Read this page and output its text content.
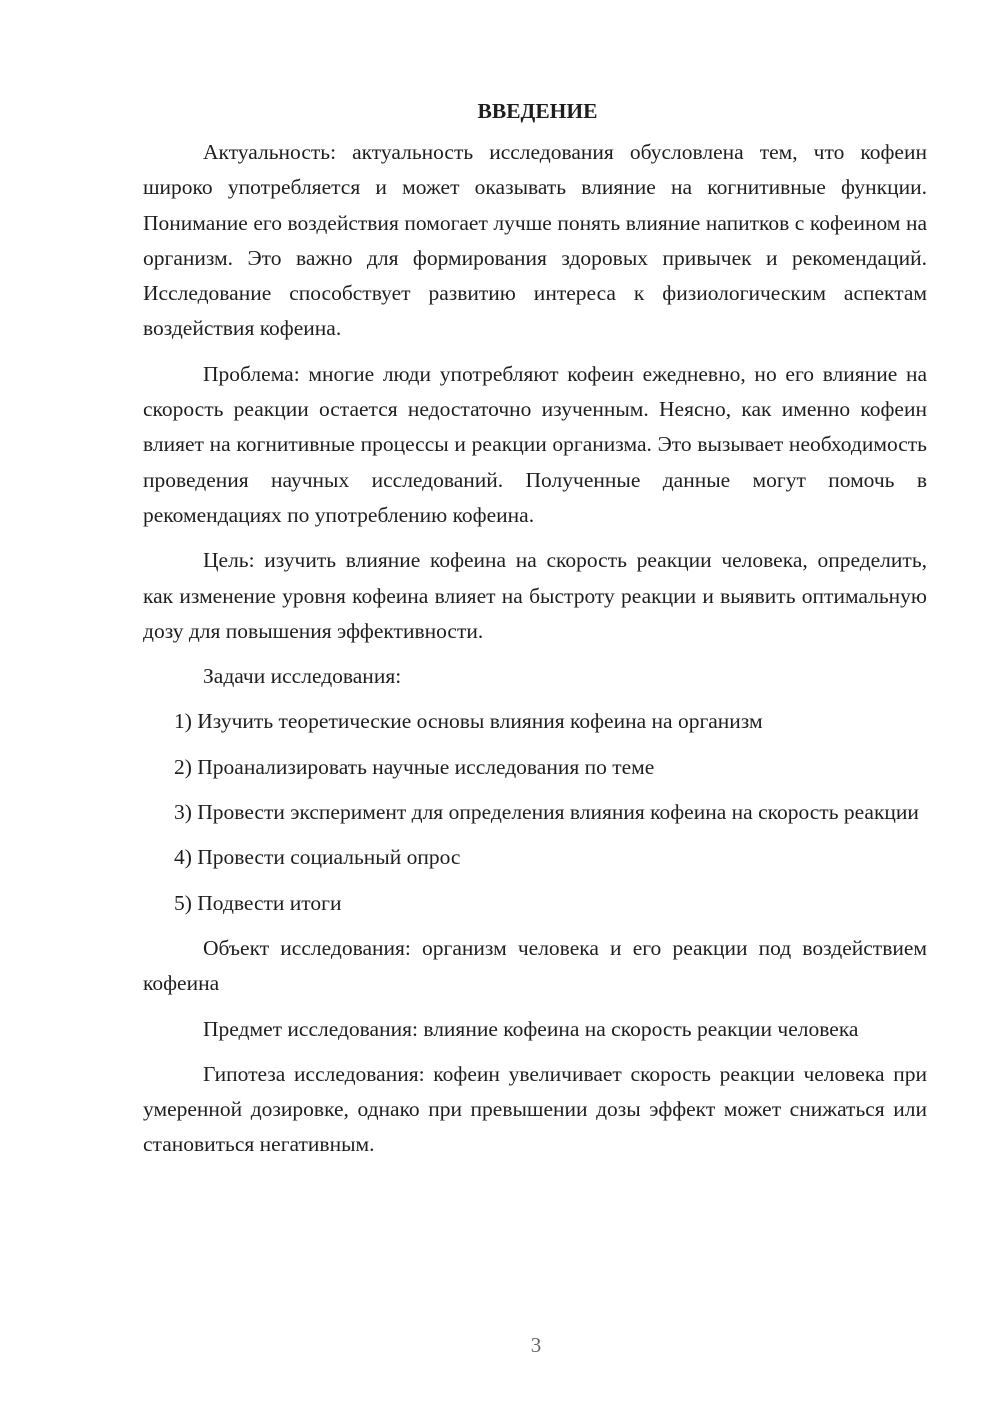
ВВЕДЕНИЕ

Актуальность: актуальность исследования обусловлена тем, что кофеин широко употребляется и может оказывать влияние на когнитивные функции. Понимание его воздействия помогает лучше понять влияние напитков с кофеином на организм. Это важно для формирования здоровых привычек и рекомендаций. Исследование способствует развитию интереса к физиологическим аспектам воздействия кофеина.

Проблема: многие люди употребляют кофеин ежедневно, но его влияние на скорость реакции остается недостаточно изученным. Неясно, как именно кофеин влияет на когнитивные процессы и реакции организма. Это вызывает необходимость проведения научных исследований. Полученные данные могут помочь в рекомендациях по употреблению кофеина.

Цель: изучить влияние кофеина на скорость реакции человека, определить, как изменение уровня кофеина влияет на быстроту реакции и выявить оптимальную дозу для повышения эффективности.

Задачи исследования:

1) Изучить теоретические основы влияния кофеина на организм
2) Проанализировать научные исследования по теме
3) Провести эксперимент для определения влияния кофеина на скорость реакции
4) Провести социальный опрос
5) Подвести итоги

Объект исследования: организм человека и его реакции под воздействием кофеина

Предмет исследования: влияние кофеина на скорость реакции человека

Гипотеза исследования: кофеин увеличивает скорость реакции человека при умеренной дозировке, однако при превышении дозы эффект может снижаться или становиться негативным.

3
